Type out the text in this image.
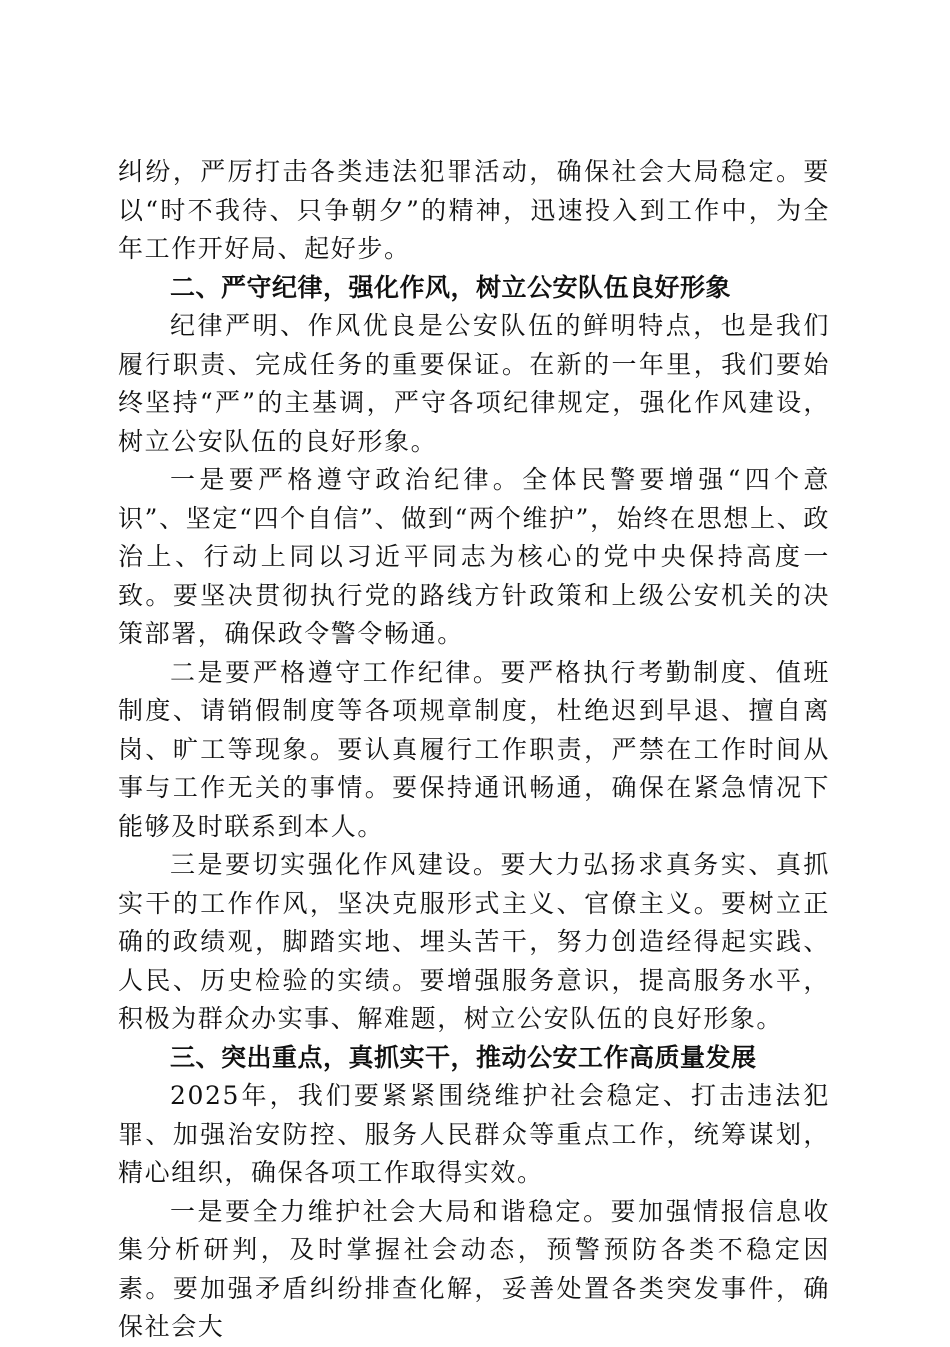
纠纷，严厉打击各类违法犯罪活动，确保社会大局稳定。要以“时不我待、只争朝夕”的精神，迅速投入到工作中，为全年工作开好局、起好步。

二、严守纪律，强化作风，树立公安队伍良好形象

纪律严明、作风优良是公安队伍的鲜明特点，也是我们履行职责、完成任务的重要保证。在新的一年里，我们要始终坚持“严”的主基调，严守各项纪律规定，强化作风建设，树立公安队伍的良好形象。

一是要严格遵守政治纪律。全体民警要增强“四个意识”、坚定“四个自信”、做到“两个维护”，始终在思想上、政治上、行动上同以习近平同志为核心的党中央保持高度一致。要坚决贯彻执行党的路线方针政策和上级公安机关的决策部署，确保政令警令畅通。

二是要严格遵守工作纪律。要严格执行考勤制度、值班制度、请销假制度等各项规章制度，杜绝迟到早退、擅自离岗、旷工等现象。要认真履行工作职责，严禁在工作时间从事与工作无关的事情。要保持通讯畅通，确保在紧急情况下能够及时联系到本人。

三是要切实强化作风建设。要大力弘扬求真务实、真抓实干的工作作风，坚决克服形式主义、官僚主义。要树立正确的政绩观，脚踏实地、埋头苦干，努力创造经得起实践、人民、历史检验的实绩。要增强服务意识，提高服务水平，积极为群众办实事、解难题，树立公安队伍的良好形象。

三、突出重点，真抓实干，推动公安工作高质量发展

2025年，我们要紧紧围绕维护社会稳定、打击违法犯罪、加强治安防控、服务人民群众等重点工作，统筹谋划，精心组织，确保各项工作取得实效。

一是要全力维护社会大局和谐稳定。要加强情报信息收集分析研判，及时掌握社会动态，预警预防各类不稳定因素。要加强矛盾纠纷排查化解，妥善处置各类突发事件，确保社会大
